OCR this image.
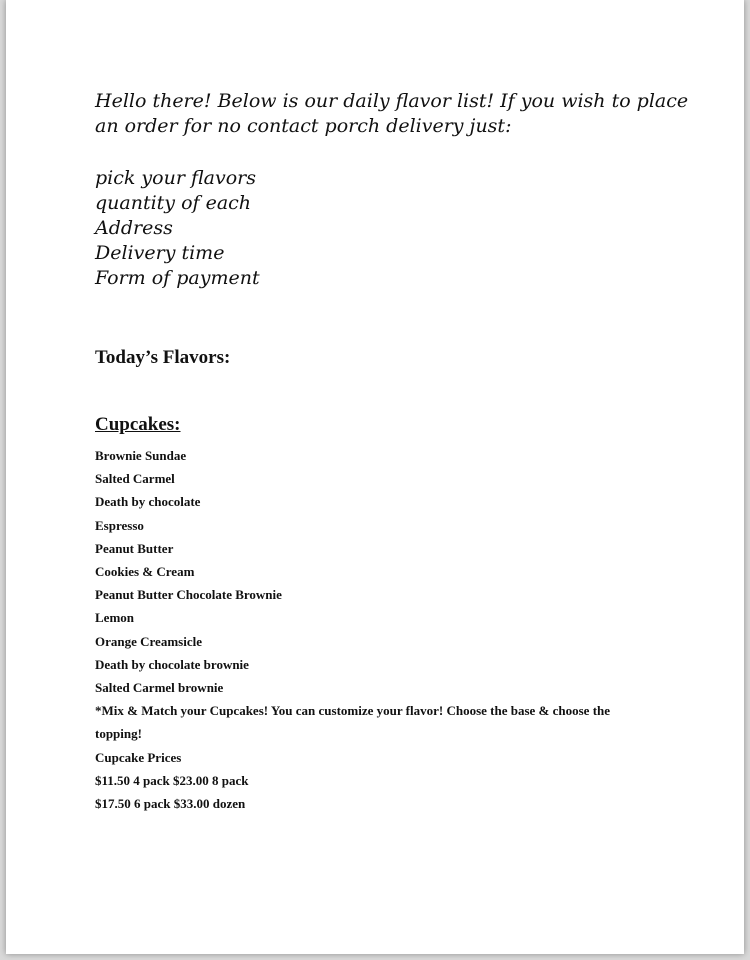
Hello there! Below is our daily flavor list! If you wish to place an order for no contact porch delivery just:

pick your flavors
quantity of each
Address
Delivery time
Form of payment
Today’s Flavors:
Cupcakes:
Brownie Sundae
Salted Carmel
Death by chocolate
Espresso
Peanut Butter
Cookies & Cream
Peanut Butter Chocolate Brownie
Lemon
Orange Creamsicle
Death by chocolate brownie
Salted Carmel brownie
*Mix & Match your Cupcakes! You can customize your flavor! Choose the base & choose the topping!
Cupcake Prices
$11.50 4 pack $23.00 8 pack
$17.50 6 pack $33.00 dozen
